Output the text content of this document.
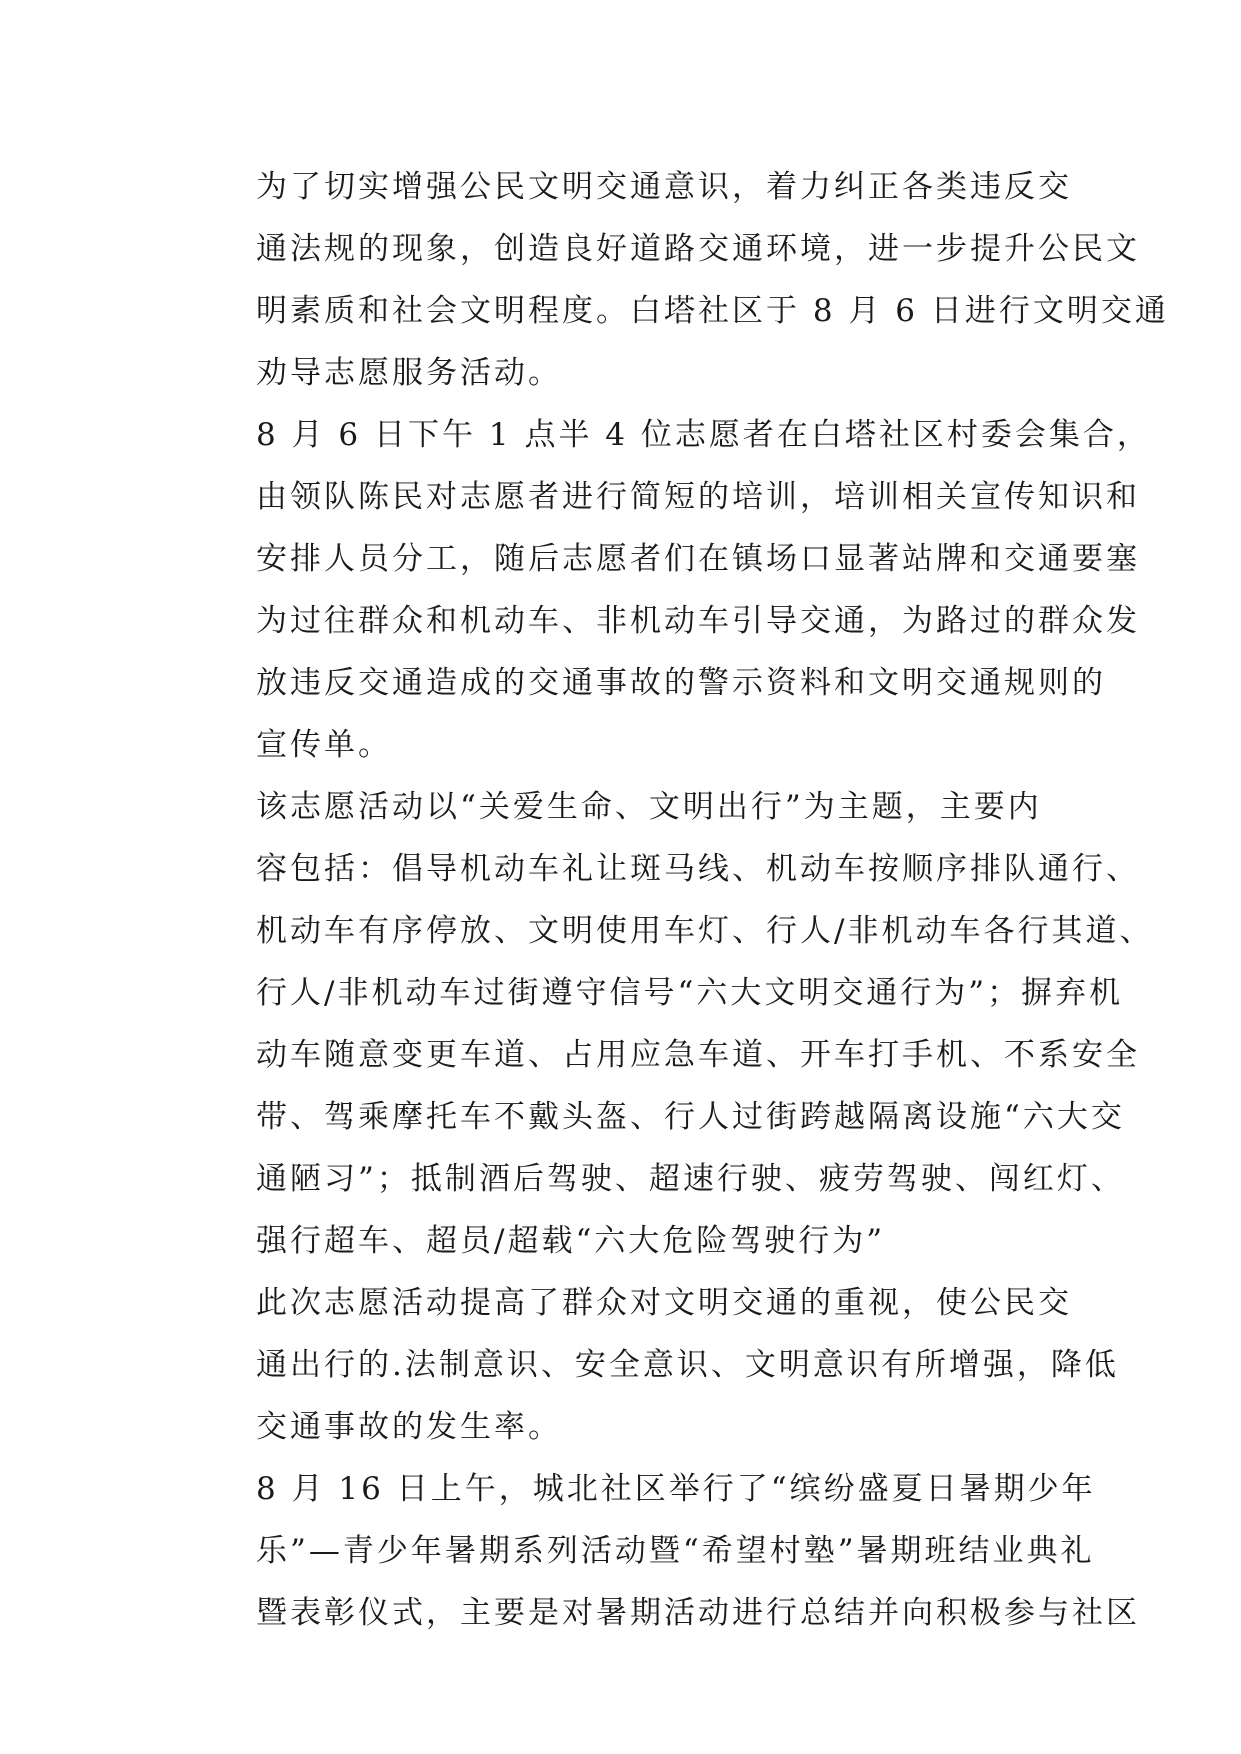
为了切实增强公民文明交通意识，着力纠正各类违反交
通法规的现象，创造良好道路交通环境，进一步提升公民文
明素质和社会文明程度。白塔社区于 8 月 6 日进行文明交通
劝导志愿服务活动。

8 月 6 日下午 1 点半 4 位志愿者在白塔社区村委会集合，
由领队陈民对志愿者进行简短的培训，培训相关宣传知识和
安排人员分工，随后志愿者们在镇场口显著站牌和交通要塞
为过往群众和机动车、非机动车引导交通，为路过的群众发
放违反交通造成的交通事故的警示资料和文明交通规则的
宣传单。

该志愿活动以“关爱生命、文明出行”为主题，主要内
容包括：倡导机动车礼让斑马线、机动车按顺序排队通行、
机动车有序停放、文明使用车灯、行人/非机动车各行其道、
行人/非机动车过街遵守信号“六大文明交通行为”；摒弃机
动车随意变更车道、占用应急车道、开车打手机、不系安全
带、驾乘摩托车不戴头盔、行人过街跨越隔离设施“六大交
通陋习”；抵制酒后驾驶、超速行驶、疲劳驾驶、闯红灯、
强行超车、超员/超载“六大危险驾驶行为”

此次志愿活动提高了群众对文明交通的重视，使公民交
通出行的.法制意识、安全意识、文明意识有所增强，降低
交通事故的发生率。

8 月 16 日上午，城北社区举行了“缤纷盛夏日暑期少年
乐”—青少年暑期系列活动暨“希望村塾”暑期班结业典礼
暨表彰仪式，主要是对暑期活动进行总结并向积极参与社区
